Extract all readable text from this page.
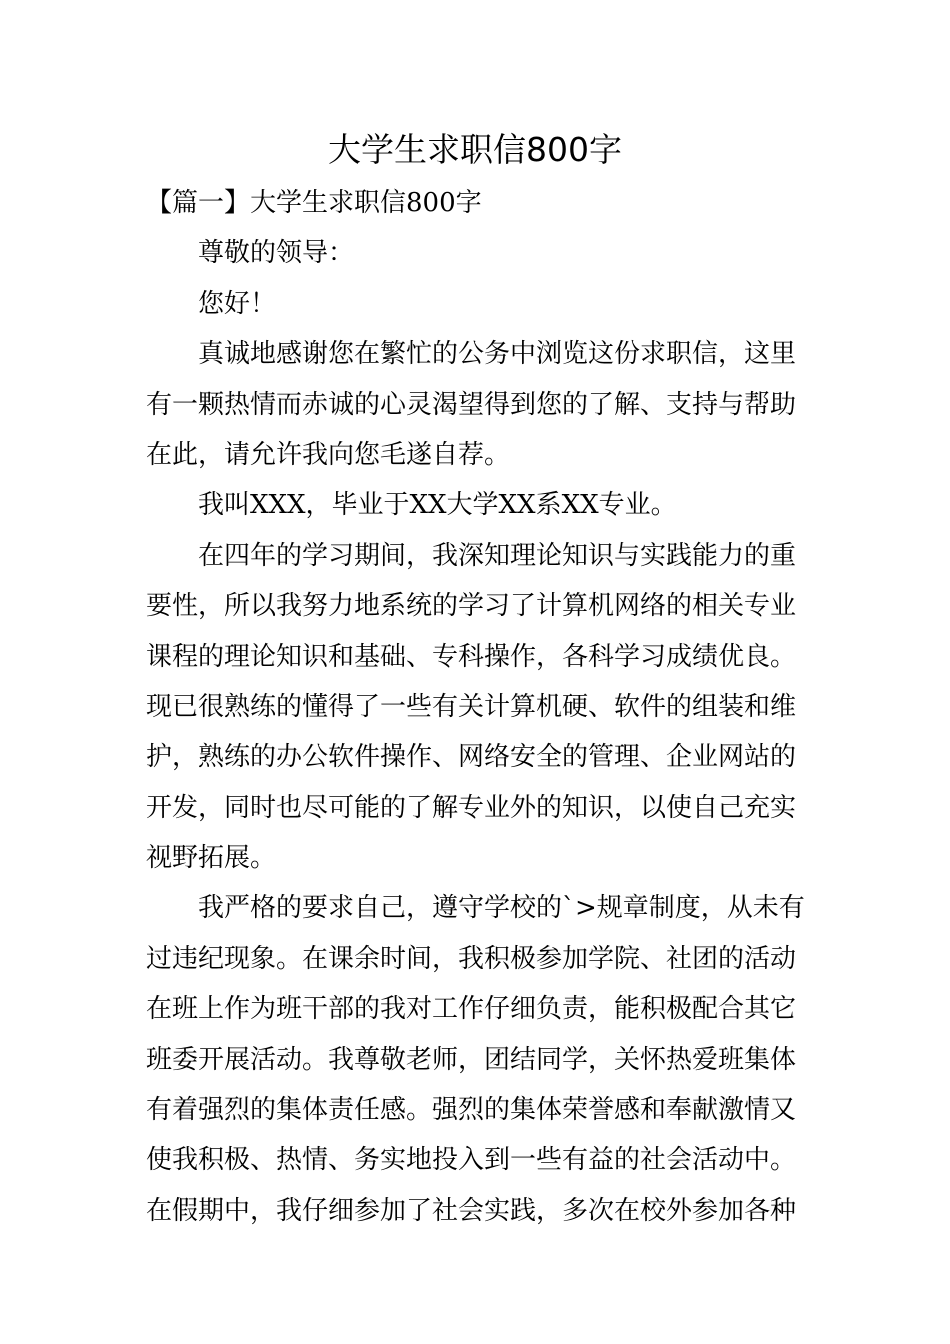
大学生求职信800字

【篇一】大学生求职信800字

尊敬的领导：

您好！

真诚地感谢您在繁忙的公务中浏览这份求职信，这里
有一颗热情而赤诚的心灵渴望得到您的了解、支持与帮助
在此，请允许我向您毛遂自荐。

我叫XXX，毕业于XX大学XX系XX专业。

在四年的学习期间，我深知理论知识与实践能力的重
要性，所以我努力地系统的学习了计算机网络的相关专业
课程的理论知识和基础、专科操作，各科学习成绩优良。
现已很熟练的懂得了一些有关计算机硬、软件的组装和维
护，熟练的办公软件操作、网络安全的管理、企业网站的
开发，同时也尽可能的了解专业外的知识，以使自己充实
视野拓展。

我严格的要求自己，遵守学校的`>规章制度，从未有
过违纪现象。在课余时间，我积极参加学院、社团的活动
在班上作为班干部的我对工作仔细负责，能积极配合其它
班委开展活动。我尊敬老师，团结同学，关怀热爱班集体
有着强烈的集体责任感。强烈的集体荣誉感和奉献激情又
使我积极、热情、务实地投入到一些有益的社会活动中。
在假期中，我仔细参加了社会实践，多次在校外参加各种
